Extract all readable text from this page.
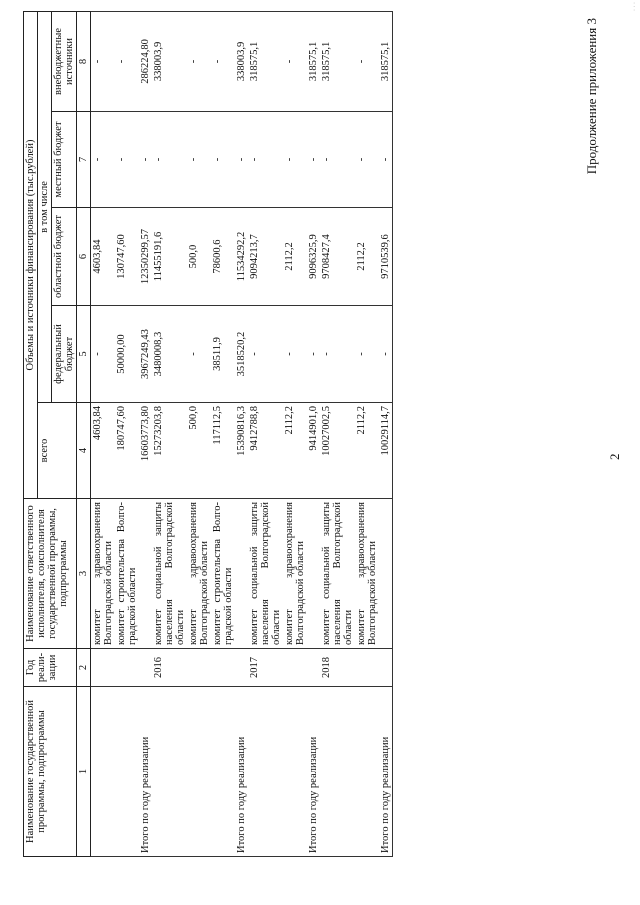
2
Продолжение приложения 3
Наименование государственной программы, подпрограммы	Год реали- зации	Наименование ответственного исполнителя, соисполнителя государственной программы, подпрограммы	Объемы и источники финансирования (тыс.рублей)				
			всего	в том числе			
				федеральный бюджет	областной бюджет	местный бюджет	внебюджетные источники
1	2	3	4	5	6	7	8
		комитет здравоохранения Волгоградской области	4603,84	-	4603,84	-	-
		комитет строительства Волго- градской области	180747,60	50000,00	130747,60	-	-
Итого по году реализации			16603773,80	3967249,43	12350299,57	-	286224,80
	2016	комитет социальной защиты населения Волгоградской области	15273203,8	3480008,3	11455191,6	-	338003,9
		комитет здравоохранения Волгоградской области	500,0	-	500,0	-	-
		комитет строительства Волго- градской области	117112,5	38511,9	78600,6	-	-
Итого по году реализации			15390816,3	3518520,2	11534292,2	-	338003,9
	2017	комитет социальной защиты населения Волгоградской области	9412788,8	-	9094213,7	-	318575,1
		комитет здравоохранения Волгоградской области	2112,2	-	2112,2	-	-
Итого по году реализации			9414901,0	-	9096325,9	-	318575,1
	2018	комитет социальной защиты населения Волгоградской области	10027002,5	-	9708427,4	-	318575,1
		комитет здравоохранения Волгоградской области	2112,2	-	2112,2	-	-
Итого по году реализации			10029114,7	-	9710539,6	-	318575,1
· · ·
